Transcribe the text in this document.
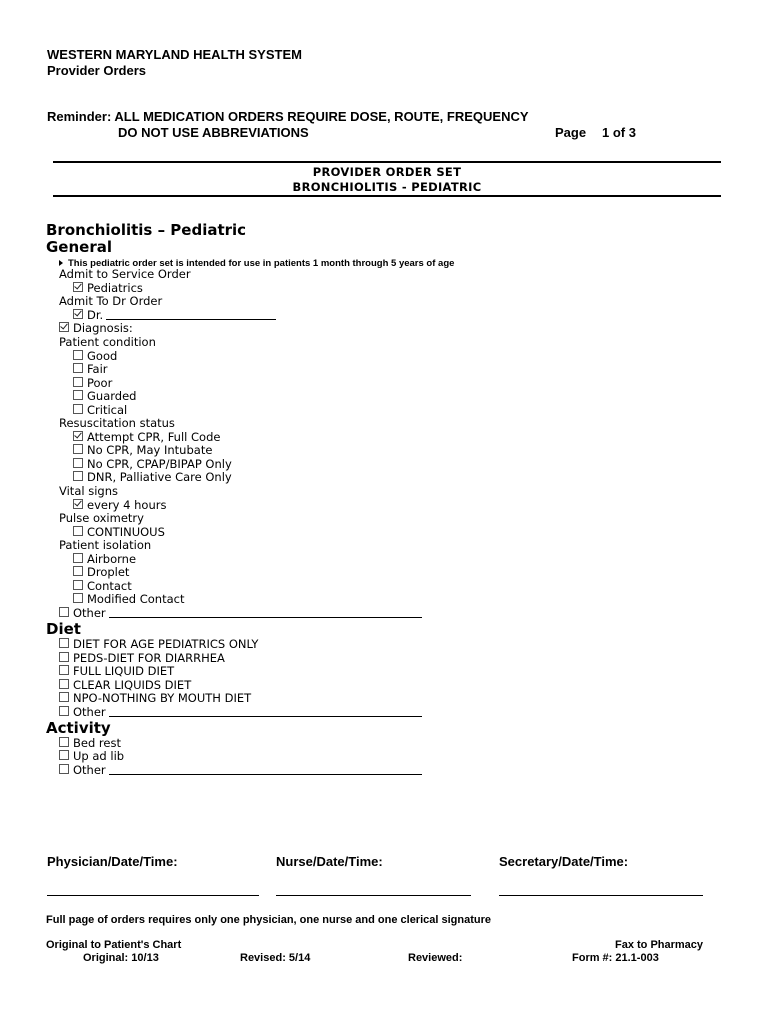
WESTERN MARYLAND HEALTH SYSTEM
Provider Orders
Reminder: ALL MEDICATION ORDERS REQUIRE DOSE, ROUTE, FREQUENCY
DO NOT USE ABBREVIATIONS	Page 1 of 3
PROVIDER ORDER SET
BRONCHIOLITIS - PEDIATRIC
Bronchiolitis – Pediatric
General
This pediatric order set is intended for use in patients 1 month through 5 years of age
Admit to Service Order
Pediatrics
Admit To Dr Order
Dr.
Diagnosis:
Patient condition
Good
Fair
Poor
Guarded
Critical
Resuscitation status
Attempt CPR, Full Code
No CPR, May Intubate
No CPR, CPAP/BIPAP Only
DNR, Palliative Care Only
Vital signs
every 4 hours
Pulse oximetry
CONTINUOUS
Patient isolation
Airborne
Droplet
Contact
Modified Contact
Other
Diet
DIET FOR AGE PEDIATRICS ONLY
PEDS-DIET FOR DIARRHEA
FULL LIQUID DIET
CLEAR LIQUIDS DIET
NPO-NOTHING BY MOUTH DIET
Other
Activity
Bed rest
Up ad lib
Other
Physician/Date/Time:	Nurse/Date/Time:	Secretary/Date/Time:
Full page of orders requires only one physician, one nurse and one clerical signature
Original to Patient's Chart	Fax to Pharmacy
Original: 10/13	Revised: 5/14	Reviewed:	Form #: 21.1-003
